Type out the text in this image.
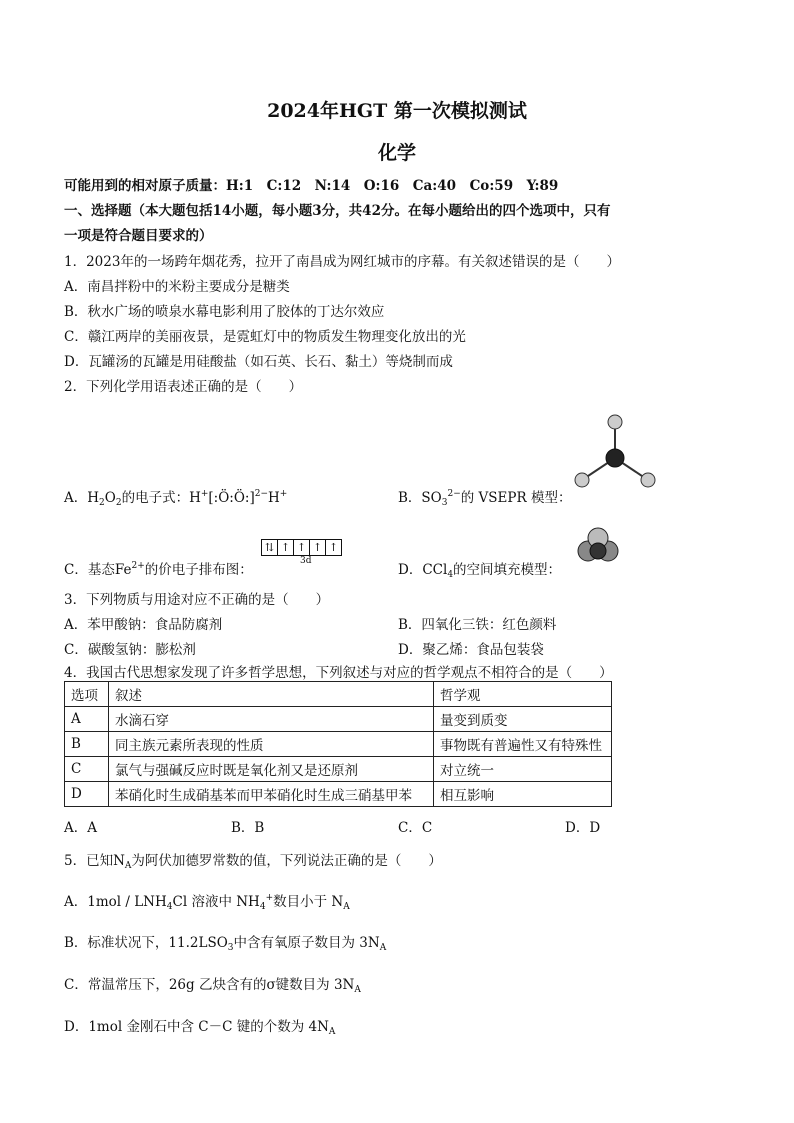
2024年HGT 第一次模拟测试
化学
可能用到的相对原子质量：H:1　C:12　N:14　O:16　Ca:40　Co:59　Y:89
一、选择题（本大题包括14小题，每小题3分，共42分。在每小题给出的四个选项中，只有
一项是符合题目要求的）
1．2023年的一场跨年烟花秀，拉开了南昌成为网红城市的序幕。有关叙述错误的是（　　）
A．南昌拌粉中的米粉主要成分是糖类
B．秋水广场的喷泉水幕电影利用了胶体的丁达尔效应
C．赣江两岸的美丽夜景，是霓虹灯中的物质发生物理变化放出的光
D．瓦罐汤的瓦罐是用硅酸盐（如石英、长石、黏土）等烧制而成
2．下列化学用语表述正确的是（　　）
A．$H_2O_2$的电子式：H+[:Ö:Ö:]$^{2-}$H+	B．$SO_3^{2-}$的 VSEPR 模型：
C．基态$Fe^{2+}$的价电子排布图：
⇅ ↑ ↑ ↑ ↑
3d
D．CCl$_4$的空间填充模型：
3．下列物质与用途对应不正确的是（　　）
A．苯甲酸钠：食品防腐剂	B．四氧化三铁：红色颜料
C．碳酸氢钠：膨松剂	D．聚乙烯：食品包装袋
4．我国古代思想家发现了许多哲学思想，下列叙述与对应的哲学观点不相符合的是（　　）
选项	叙述	哲学观
A	水滴石穿	量变到质变
B	同主族元素所表现的性质	事物既有普遍性又有特殊性
C	氯气与强碱反应时既是氧化剂又是还原剂	对立统一
D	苯硝化时生成硝基苯而甲苯硝化时生成三硝基甲苯	相互影响
A．A	B．B	C．C	D．D
5．已知$N_A$为阿伏加德罗常数的值，下列说法正确的是（　　）
A．$1mol / LNH_4Cl$ 溶液中 $NH_4^+$数目小于 $N_A$
B．标准状况下，$11.2LSO_3$中含有氧原子数目为 $3N_A$
C．常温常压下，26g 乙炔含有的σ键数目为 $3N_A$
D．1mol 金刚石中含 C－C 键的个数为 $4N_A$
